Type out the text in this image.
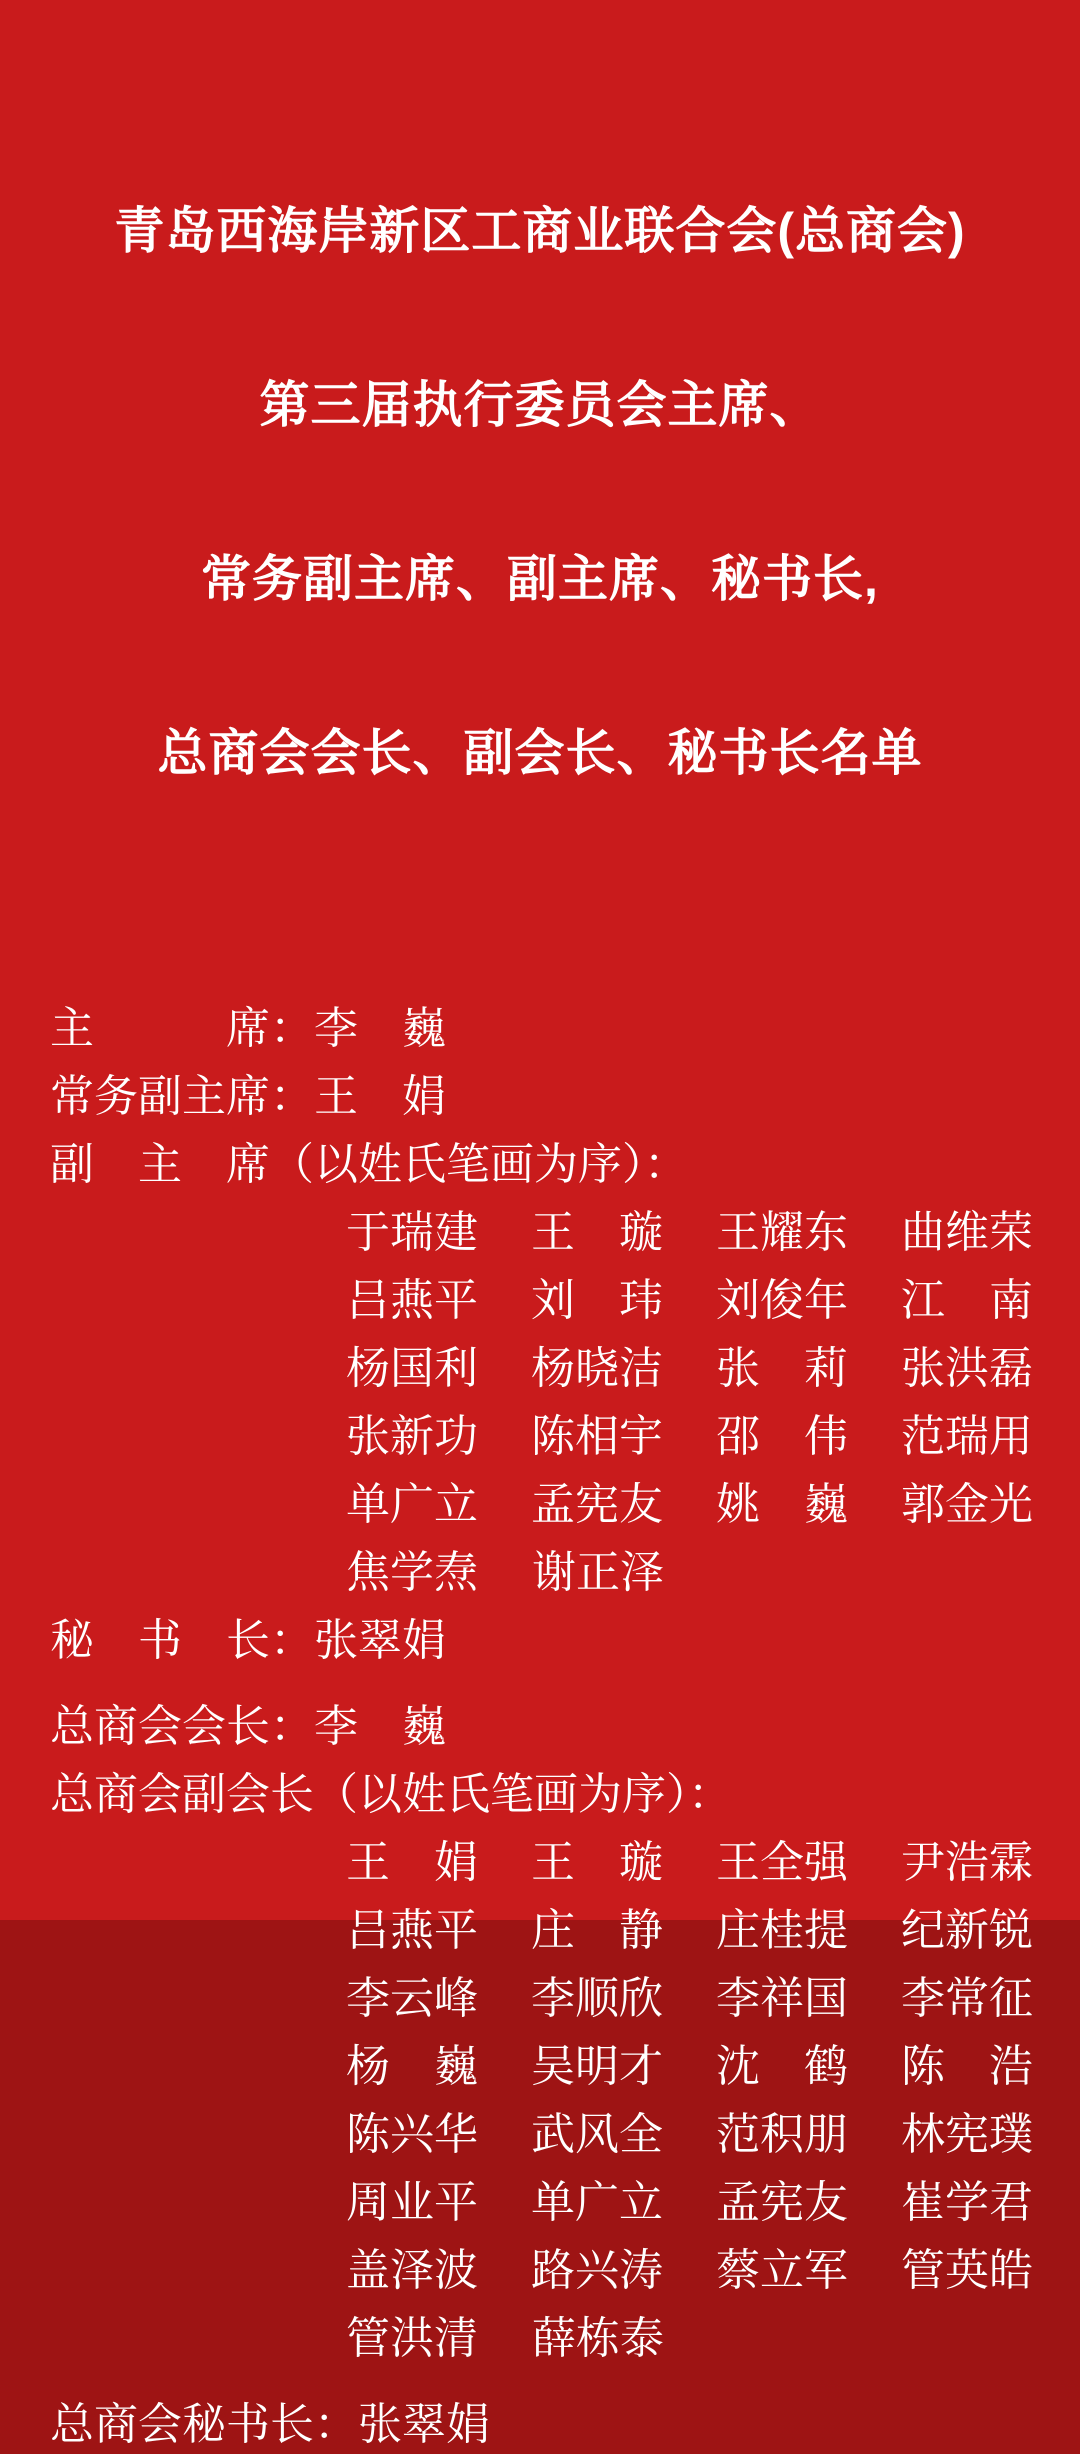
青岛西海岸新区工商业联合会(总商会)

第三届执行委员会主席、

常务副主席、副主席、秘书长,

总商会会长、副会长、秘书长名单

主　　　席：李　巍
常务副主席：王　娟
副　主　席（以姓氏笔画为序）：
于瑞建 王　璇 王耀东 曲维荣
吕燕平 刘　玮 刘俊年 江　南
杨国利 杨晓洁 张　莉 张洪磊
张新功 陈相宇 邵　伟 范瑞用
单广立 孟宪友 姚　巍 郭金光
焦学焘 谢正泽
秘　书　长：张翠娟
总商会会长：李　巍
总商会副会长（以姓氏笔画为序）：
王　娟 王　璇 王全强 尹浩霖
吕燕平 庄　静 庄桂提 纪新锐
李云峰 李顺欣 李祥国 李常征
杨　巍 吴明才 沈　鹤 陈　浩
陈兴华 武风全 范积朋 林宪璞
周业平 单广立 孟宪友 崔学君
盖泽波 路兴涛 蔡立军 管英皓
管洪清 薛栋泰
总商会秘书长：张翠娟
